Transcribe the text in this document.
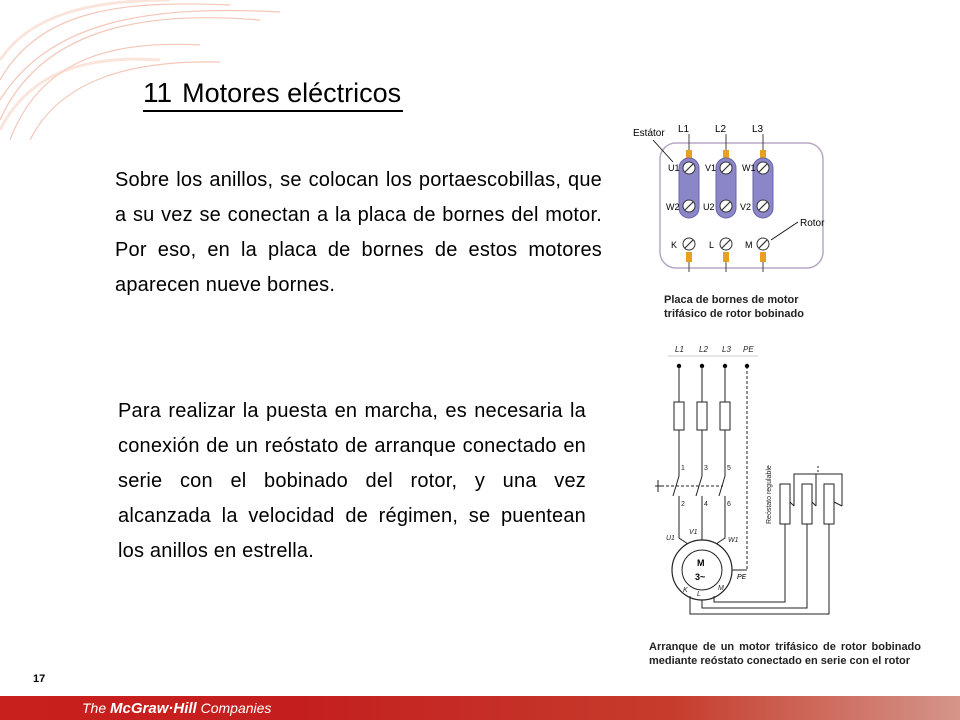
11 Motores eléctricos

Sobre los anillos, se colocan los portaescobillas, que a su vez se conectan a la placa de bornes del motor. Por eso, en la placa de bornes de estos motores aparecen nueve bornes.

Para realizar la puesta en marcha, es necesaria la conexión de un reóstato de arranque conectado en serie con el bobinado del rotor, y una vez alcanzada la velocidad de régimen, se puentean los anillos en estrella.

Estátor L1	L2	L3
U1	V1	W1
W2	U2	V2
K	L	M
Rotor

Placa de bornes de motor trifásico de rotor bobinado

L1 L2 L3 PE
1	3	5
2	4	6
U1
V1
W1
M
3~	PE
K
L
M
Reóstato regulable

Arranque de un motor trifásico de rotor bobinado mediante reóstato conectado en serie con el rotor

17
The McGraw·Hill Companies
